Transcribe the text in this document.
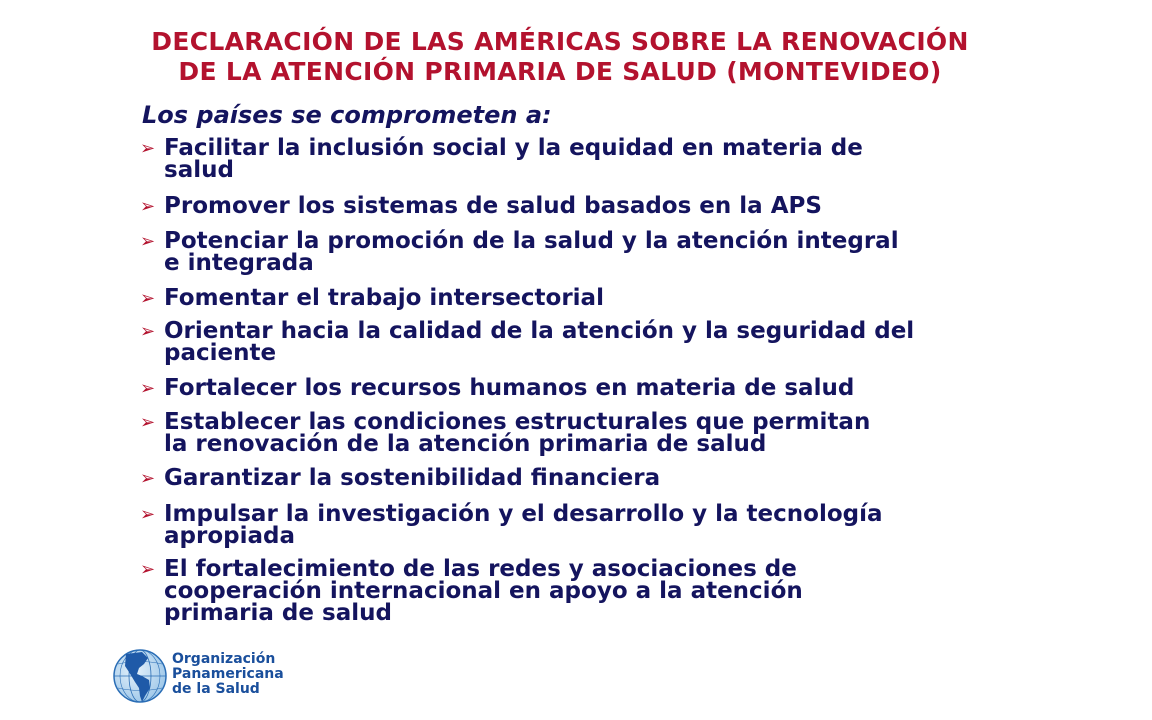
DECLARACIÓN DE LAS AMÉRICAS SOBRE LA RENOVACIÓN
DE LA ATENCIÓN PRIMARIA DE SALUD (MONTEVIDEO)
Los países se comprometen a:
➢ Facilitar la inclusión social y la equidad en materia de
salud
➢ Promover los sistemas de salud basados en la APS
➢ Potenciar la promoción de la salud y la atención integral
e integrada
➢ Fomentar el trabajo intersectorial
➢ Orientar hacia la calidad de la atención y la seguridad del
paciente
➢ Fortalecer los recursos humanos en materia de salud
➢ Establecer las condiciones estructurales que permitan
la renovación de la atención primaria de salud
➢ Garantizar la sostenibilidad financiera
➢ Impulsar la investigación y el desarrollo y la tecnología
apropiada
➢ El fortalecimiento de las redes y asociaciones de
cooperación internacional en apoyo a la atención
primaria de salud
Organización
Panamericana
de la Salud
